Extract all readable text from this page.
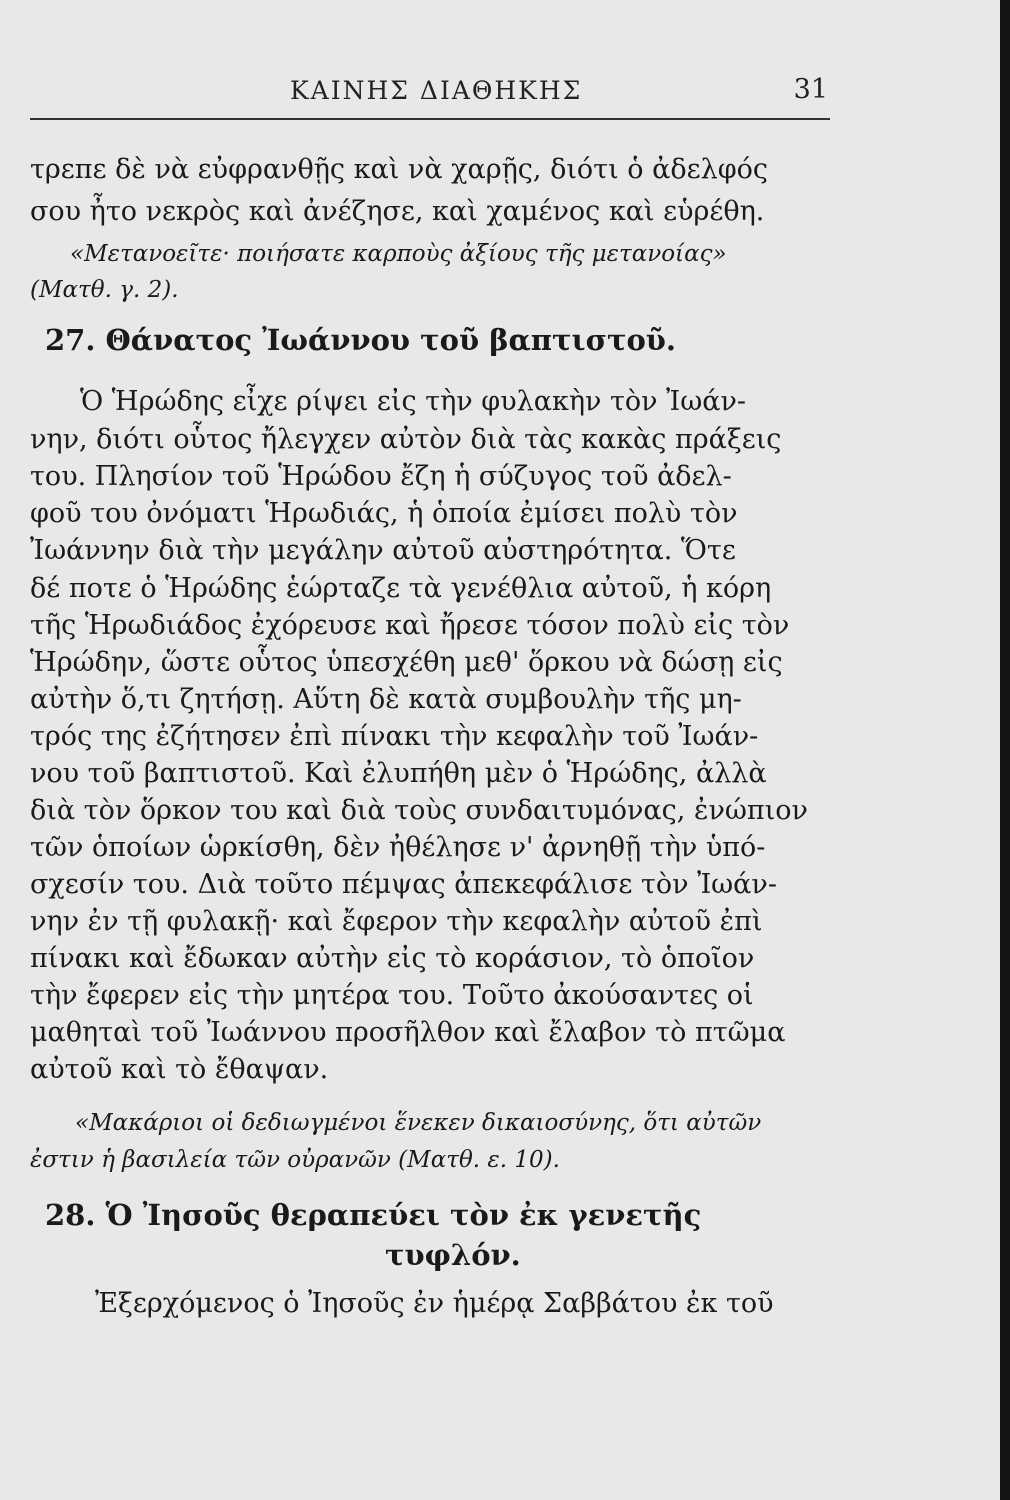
ΚΑΙΝΗΣ ΔΙΑΘΗΚΗΣ	31
τρεπε δὲ νὰ εὐφρανθῇς καὶ νὰ χαρῇς, διότι ὁ ἀδελφός
σου ἦτο νεκρὸς καὶ ἀνέζησε, καὶ χαμένος καὶ εὑρέθη.
«Μετανοεῖτε· ποιήσατε καρποὺς ἀξίους τῆς μετανοίας»
(Ματθ. γ. 2).
27. Θάνατος Ἰωάννου τοῦ βαπτιστοῦ.
Ὁ Ἡρώδης εἶχε ρίψει εἰς τὴν φυλακὴν τὸν Ἰωάν-
νην, διότι οὗτος ἤλεγχεν αὐτὸν διὰ τὰς κακὰς πράξεις
του. Πλησίον τοῦ Ἡρώδου ἔζη ἡ σύζυγος τοῦ ἀδελ-
φοῦ του ὀνόματι Ἡρωδιάς, ἡ ὁποία ἐμίσει πολὺ τὸν
Ἰωάννην διὰ τὴν μεγάλην αὐτοῦ αὐστηρότητα. Ὅτε
δέ ποτε ὁ Ἡρώδης ἑώρταζε τὰ γενέθλια αὐτοῦ, ἡ κόρη
τῆς Ἡρωδιάδος ἐχόρευσε καὶ ἤρεσε τόσον πολὺ εἰς τὸν
Ἡρώδην, ὥστε οὗτος ὑπεσχέθη μεθ' ὅρκου νὰ δώσῃ εἰς
αὐτὴν ὅ,τι ζητήσῃ. Αὕτη δὲ κατὰ συμβουλὴν τῆς μη-
τρός της ἐζήτησεν ἐπὶ πίνακι τὴν κεφαλὴν τοῦ Ἰωάν-
νου τοῦ βαπτιστοῦ. Καὶ ἐλυπήθη μὲν ὁ Ἡρώδης, ἀλλὰ
διὰ τὸν ὅρκον του καὶ διὰ τοὺς συνδαιτυμόνας, ἐνώπιον
τῶν ὁποίων ὡρκίσθη, δὲν ἠθέλησε ν' ἀρνηθῇ τὴν ὑπό-
σχεσίν του. Διὰ τοῦτο πέμψας ἀπεκεφάλισε τὸν Ἰωάν-
νην ἐν τῇ φυλακῇ· καὶ ἔφερον τὴν κεφαλὴν αὐτοῦ ἐπὶ
πίνακι καὶ ἔδωκαν αὐτὴν εἰς τὸ κοράσιον, τὸ ὁποῖον
τὴν ἔφερεν εἰς τὴν μητέρα του. Τοῦτο ἀκούσαντες οἱ
μαθηταὶ τοῦ Ἰωάννου προσῆλθον καὶ ἔλαβον τὸ πτῶμα
αὐτοῦ καὶ τὸ ἔθαψαν.
«Μακάριοι οἱ δεδιωγμένοι ἕνεκεν δικαιοσύνης, ὅτι αὐτῶν
ἐστιν ἡ βασιλεία τῶν οὐρανῶν (Ματθ. ε. 10).
28. Ὁ Ἰησοῦς θεραπεύει τὸν ἐκ γενετῆς
τυφλόν.
Ἐξερχόμενος ὁ Ἰησοῦς ἐν ἡμέρᾳ Σαββάτου ἐκ τοῦ
